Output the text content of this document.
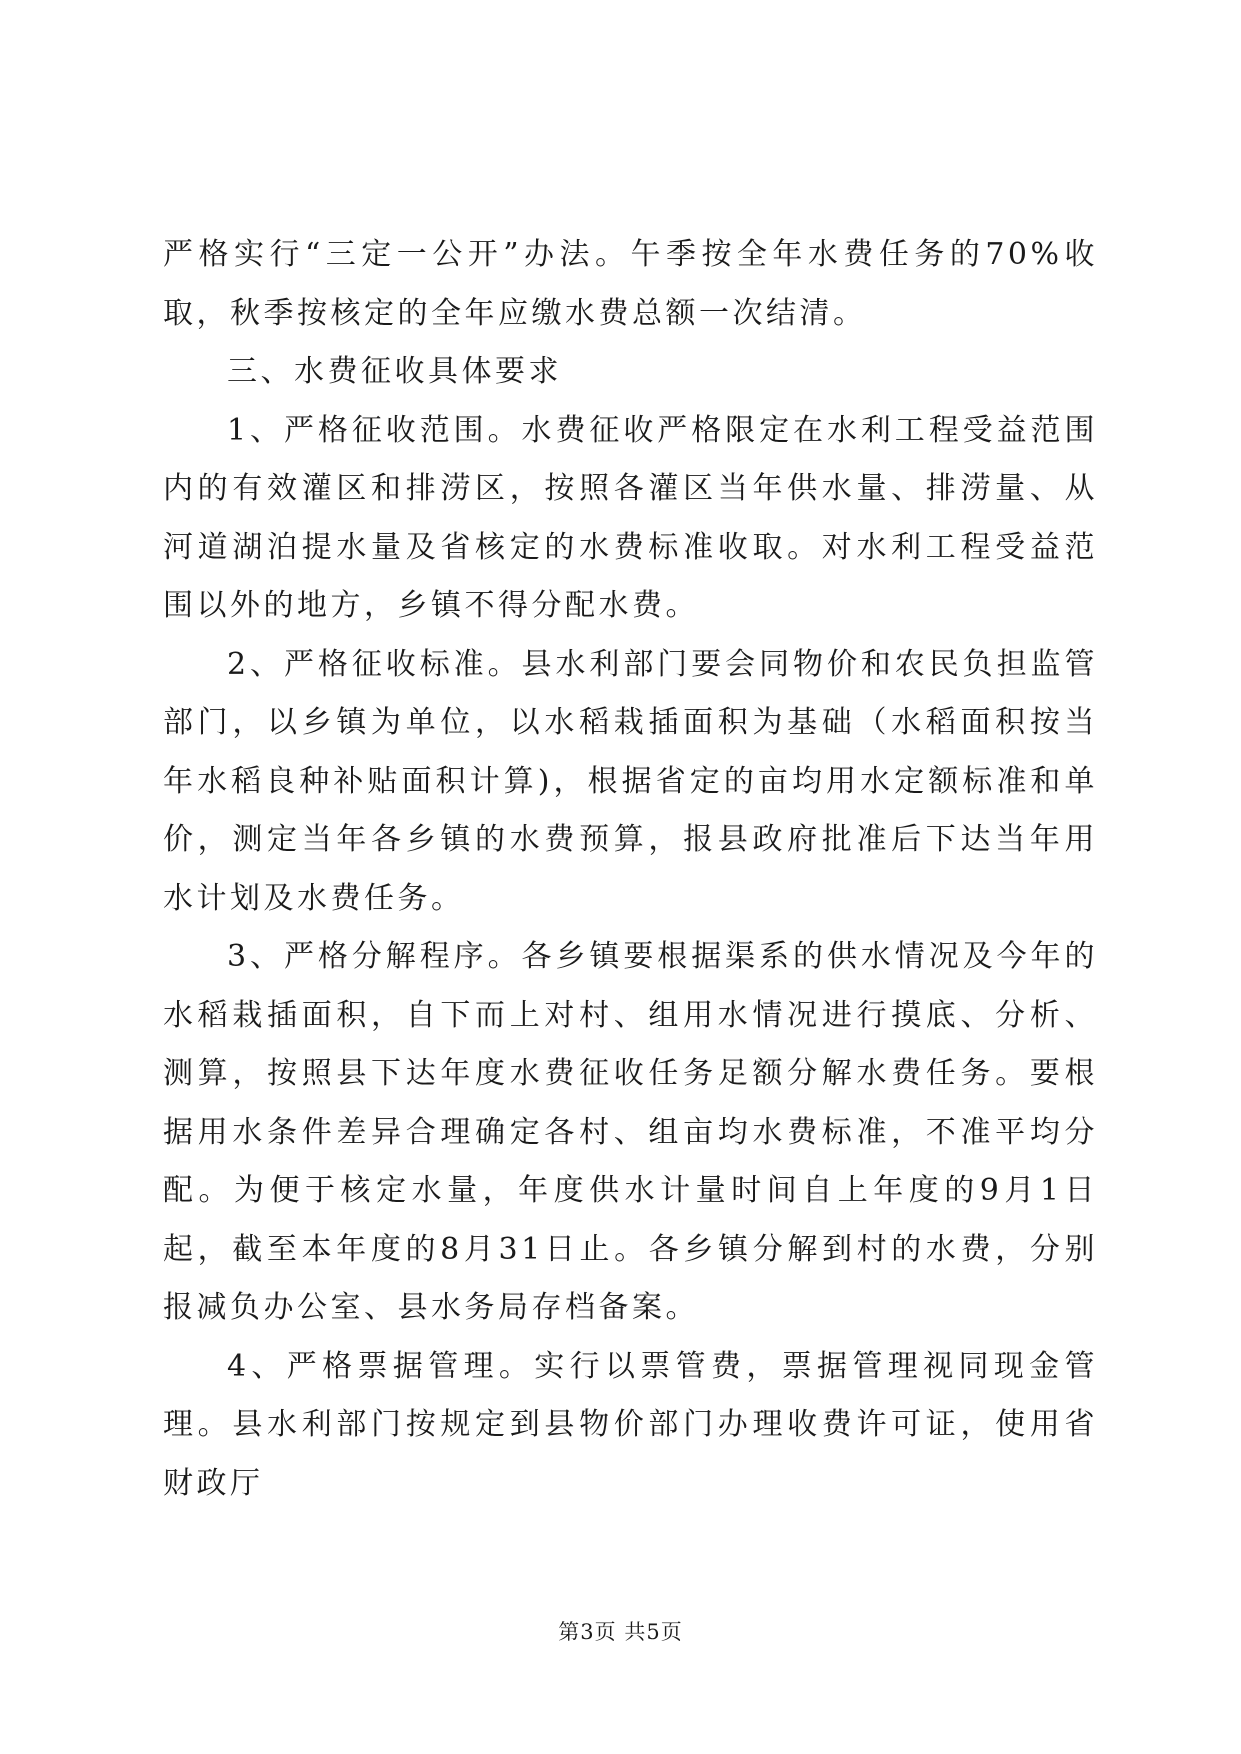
严格实行“三定一公开”办法。午季按全年水费任务的70%收取，秋季按核定的全年应缴水费总额一次结清。

三、水费征收具体要求

1、严格征收范围。水费征收严格限定在水利工程受益范围内的有效灌区和排涝区，按照各灌区当年供水量、排涝量、从河道湖泊提水量及省核定的水费标准收取。对水利工程受益范围以外的地方，乡镇不得分配水费。

2、严格征收标准。县水利部门要会同物价和农民负担监管部门，以乡镇为单位，以水稻栽插面积为基础（水稻面积按当年水稻良种补贴面积计算)，根据省定的亩均用水定额标准和单价，测定当年各乡镇的水费预算，报县政府批准后下达当年用水计划及水费任务。

3、严格分解程序。各乡镇要根据渠系的供水情况及今年的水稻栽插面积，自下而上对村、组用水情况进行摸底、分析、测算，按照县下达年度水费征收任务足额分解水费任务。要根据用水条件差异合理确定各村、组亩均水费标准，不准平均分配。为便于核定水量，年度供水计量时间自上年度的9月1日起，截至本年度的8月31日止。各乡镇分解到村的水费，分别报减负办公室、县水务局存档备案。

4、严格票据管理。实行以票管费，票据管理视同现金管理。县水利部门按规定到县物价部门办理收费许可证，使用省财政厅

第3页 共5页
